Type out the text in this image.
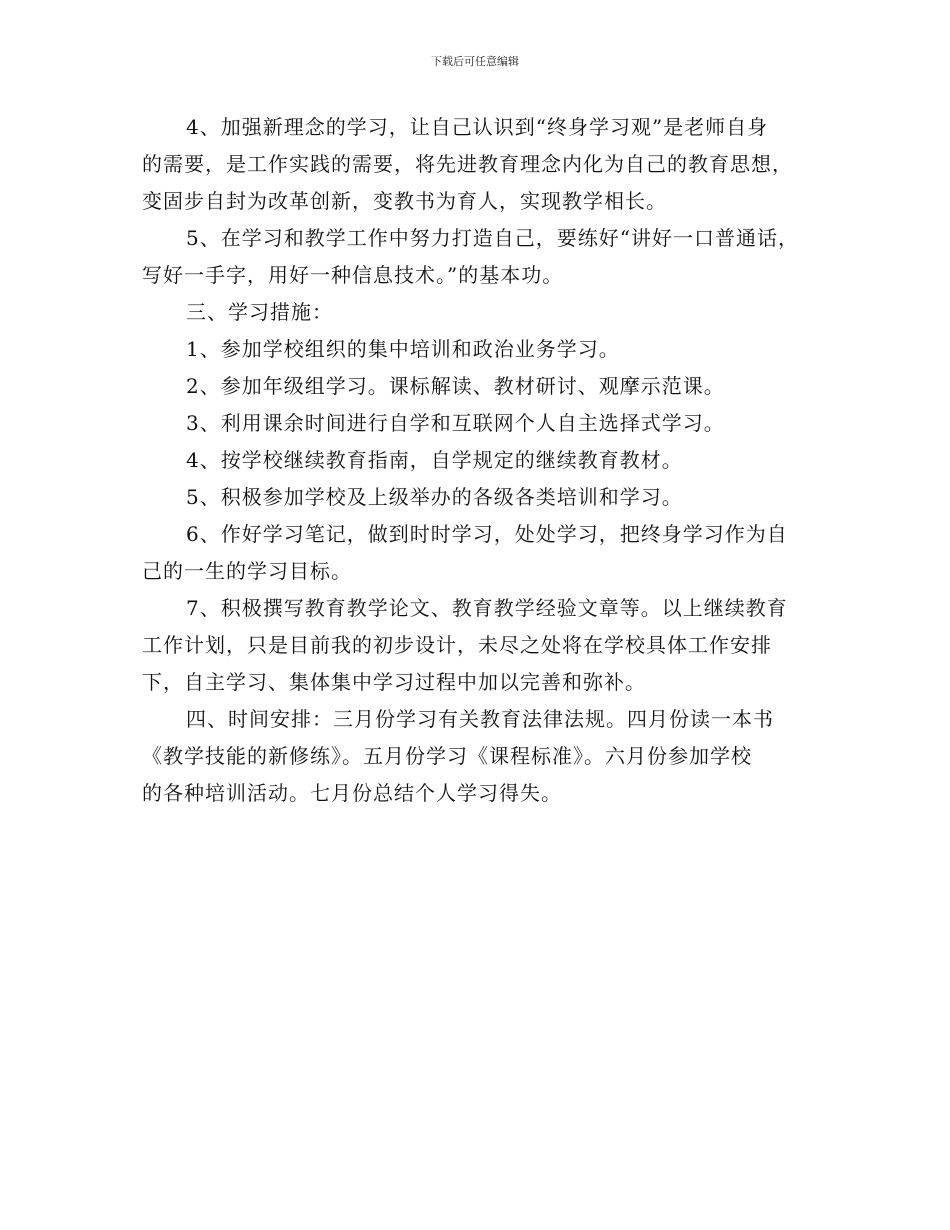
下载后可任意编辑
4、加强新理念的学习，让自己认识到“终身学习观”是老师自身
的需要，是工作实践的需要，将先进教育理念内化为自己的教育思想，
变固步自封为改革创新，变教书为育人，实现教学相长。
5、在学习和教学工作中努力打造自己，要练好“讲好一口普通话，
写好一手字，用好一种信息技术。”的基本功。
三、学习措施：
1、参加学校组织的集中培训和政治业务学习。
2、参加年级组学习。课标解读、教材研讨、观摩示范课。
3、利用课余时间进行自学和互联网个人自主选择式学习。
4、按学校继续教育指南，自学规定的继续教育教材。
5、积极参加学校及上级举办的各级各类培训和学习。
6、作好学习笔记，做到时时学习，处处学习，把终身学习作为自
己的一生的学习目标。
7、积极撰写教育教学论文、教育教学经验文章等。以上继续教育
工作计划，只是目前我的初步设计，未尽之处将在学校具体工作安排
下，自主学习、集体集中学习过程中加以完善和弥补。
四、时间安排：三月份学习有关教育法律法规。四月份读一本书
《教学技能的新修练》。五月份学习《课程标准》。六月份参加学校
的各种培训活动。七月份总结个人学习得失。
